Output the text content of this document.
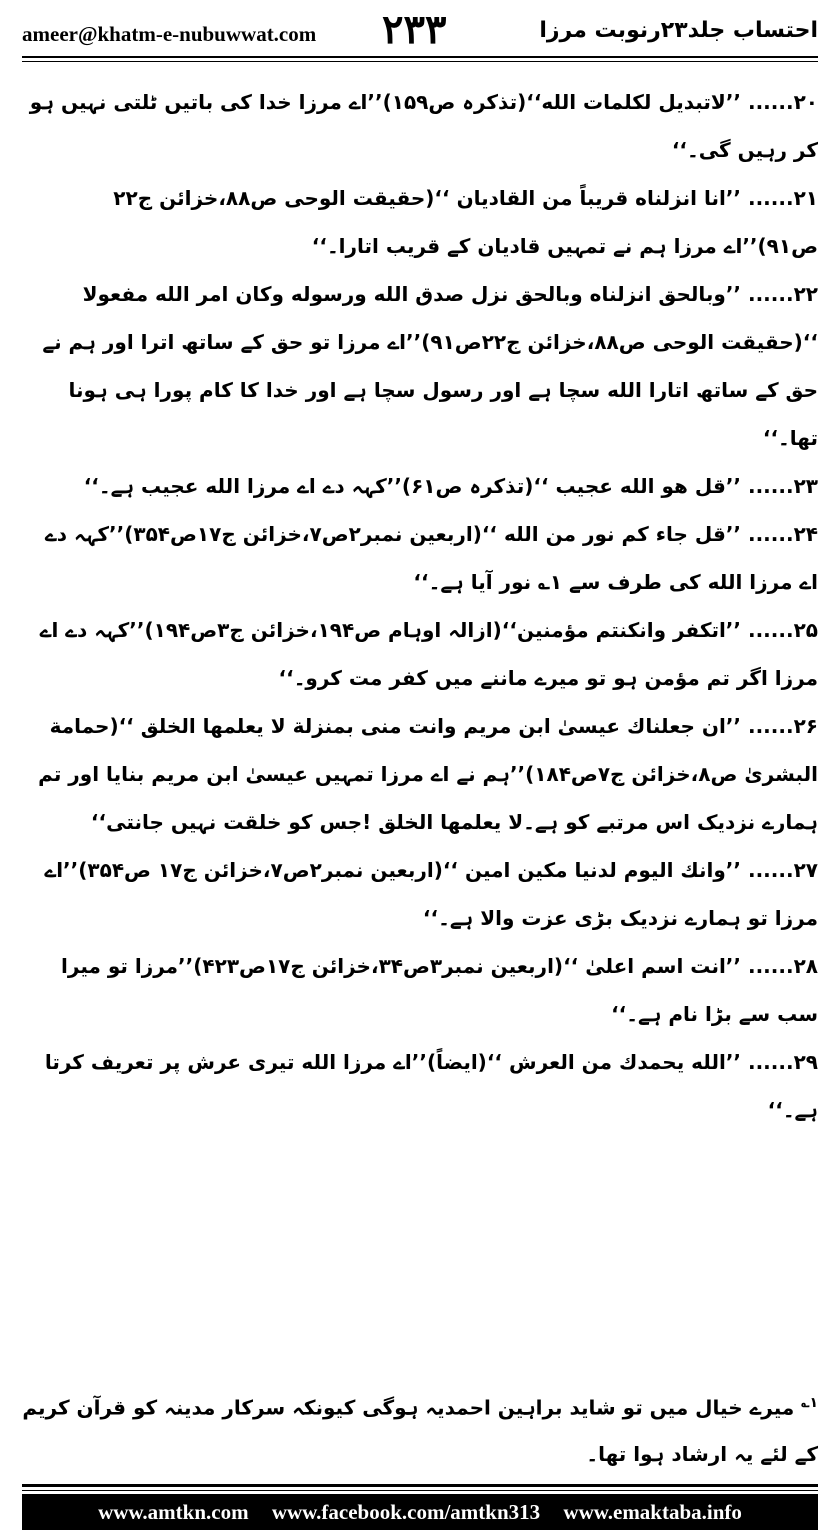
ameer@khatm-e-nubuwwat.com ۲۳۳	احتساب جلد۲۳رنوبت مرزا

۲۰...... ’’لاتبدیل لکلمات الله‘‘(تذکرہ ص۱۵۹)’’اے مرزا خدا کی باتیں ٹلتی نہیں ہو کر رہیں گی۔‘‘

۲۱...... ’’انا انزلناه قریباً من القادیان ‘‘(حقیقت الوحی ص۸۸،خزائن ج۲۲ ص۹۱)’’اے مرزا ہم نے تمہیں قادیان کے قریب اتارا۔‘‘

۲۲...... ’’وبالحق انزلناه وبالحق نزل صدق الله ورسوله وکان امر الله مفعولا ‘‘(حقیقت الوحی ص۸۸،خزائن ج۲۲ص۹۱)’’اے مرزا تو حق کے ساتھ اترا اور ہم نے حق کے ساتھ اتارا الله سچا ہے اور رسول سچا ہے اور خدا کا کام پورا ہی ہونا تھا۔‘‘

۲۳...... ’’قل هو الله عجیب ‘‘(تذکرہ ص۶۱)’’کہہ دے اے مرزا الله عجیب ہے۔‘‘

۲۴...... ’’قل جاء کم نور من الله ‘‘(اربعین نمبر۲ص۷،خزائن ج۱۷ص۳۵۴)’’کہہ دے اے مرزا الله کی طرف سے ۱؎ نور آیا ہے۔‘‘

۲۵...... ’’اتکفر وانکنتم مؤمنین‘‘(ازالہ اوہام ص۱۹۴،خزائن ج۳ص۱۹۴)’’کہہ دے اے مرزا اگر تم مؤمن ہو تو میرے ماننے میں کفر مت کرو۔‘‘

۲۶...... ’’ان جعلناك عیسیٰ ابن مریم وانت منی بمنزلة لا یعلمها الخلق ‘‘(حمامة البشریٰ ص۸،خزائن ج۷ص۱۸۴)’’ہم نے اے مرزا تمہیں عیسیٰ ابن مریم بنایا اور تم ہمارے نزدیک اس مرتبے کو ہے۔لا یعلمها الخلق !جس کو خلقت نہیں جانتی‘‘

۲۷...... ’’وانك الیوم لدنیا مکین امین ‘‘(اربعین نمبر۲ص۷،خزائن ج۱۷ ص۳۵۴)’’اے مرزا تو ہمارے نزدیک بڑی عزت والا ہے۔‘‘

۲۸...... ’’انت اسم اعلیٰ ‘‘(اربعین نمبر۳ص۳۴،خزائن ج۱۷ص۴۲۳)’’مرزا تو میرا سب سے بڑا نام ہے۔‘‘

۲۹...... ’’الله یحمدك من العرش ‘‘(ایضاً)’’اے مرزا الله تیری عرش پر تعریف کرتا ہے۔‘‘

$^{۱؎}$ میرے خیال میں تو شاید براہین احمدیہ ہوگی کیونکہ سرکار مدینہ کو قرآن کریم کے لئے یہ ارشاد ہوا تھا۔
www.amtkn.com www.facebook.com/amtkn313 www.emaktaba.info
